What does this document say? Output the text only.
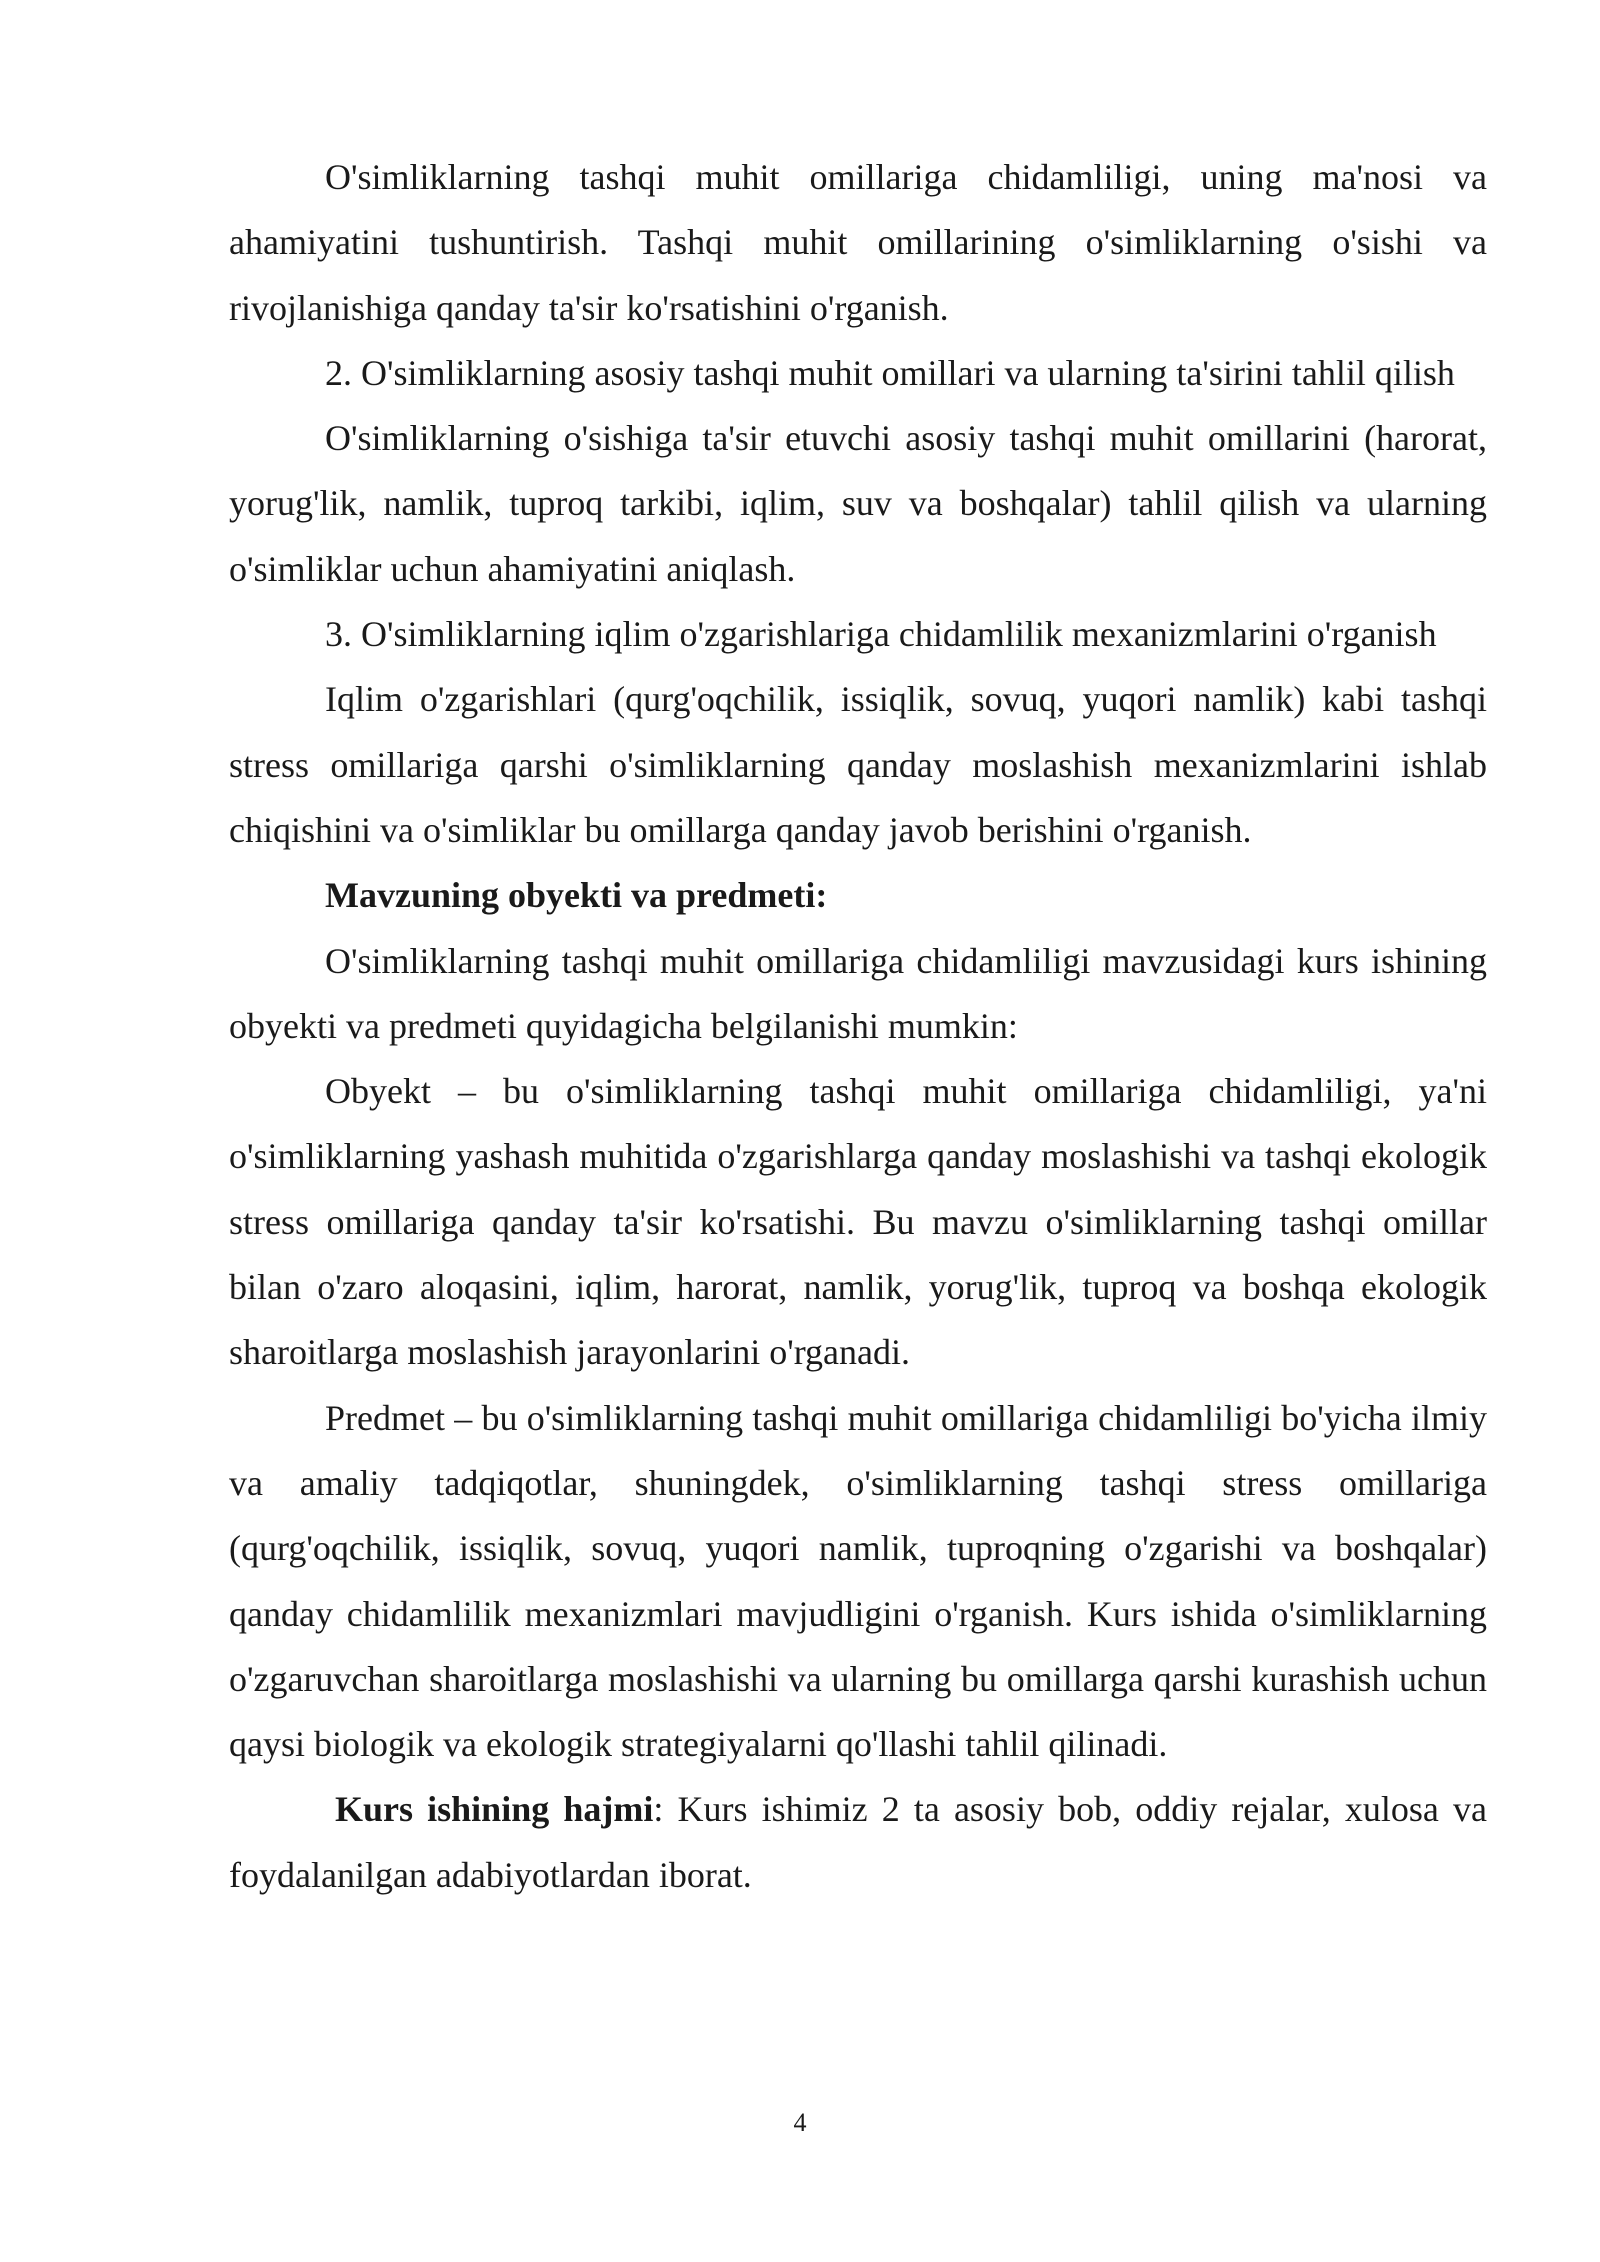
O'simliklarning tashqi muhit omillariga chidamliligi, uning ma'nosi va ahamiyatini tushuntirish. Tashqi muhit omillarining o'simliklarning o'sishi va rivojlanishiga qanday ta'sir ko'rsatishini o'rganish.

2. O'simliklarning asosiy tashqi muhit omillari va ularning ta'sirini tahlil qilish

O'simliklarning o'sishiga ta'sir etuvchi asosiy tashqi muhit omillarini (harorat, yorug'lik, namlik, tuproq tarkibi, iqlim, suv va boshqalar) tahlil qilish va ularning o'simliklar uchun ahamiyatini aniqlash.

3. O'simliklarning iqlim o'zgarishlariga chidamlilik mexanizmlarini o'rganish

Iqlim o'zgarishlari (qurg'oqchilik, issiqlik, sovuq, yuqori namlik) kabi tashqi stress omillariga qarshi o'simliklarning qanday moslashish mexanizmlarini ishlab chiqishini va o'simliklar bu omillarga qanday javob berishini o'rganish.

Mavzuning obyekti va predmeti:

O'simliklarning tashqi muhit omillariga chidamliligi mavzusidagi kurs ishining obyekti va predmeti quyidagicha belgilanishi mumkin:

Obyekt – bu o'simliklarning tashqi muhit omillariga chidamliligi, ya'ni o'simliklarning yashash muhitida o'zgarishlarga qanday moslashishi va tashqi ekologik stress omillariga qanday ta'sir ko'rsatishi. Bu mavzu o'simliklarning tashqi omillar bilan o'zaro aloqasini, iqlim, harorat, namlik, yorug'lik, tuproq va boshqa ekologik sharoitlarga moslashish jarayonlarini o'rganadi.

Predmet – bu o'simliklarning tashqi muhit omillariga chidamliligi bo'yicha ilmiy va amaliy tadqiqotlar, shuningdek, o'simliklarning tashqi stress omillariga (qurg'oqchilik, issiqlik, sovuq, yuqori namlik, tuproqning o'zgarishi va boshqalar) qanday chidamlilik mexanizmlari mavjudligini o'rganish. Kurs ishida o'simliklarning o'zgaruvchan sharoitlarga moslashishi va ularning bu omillarga qarshi kurashish uchun qaysi biologik va ekologik strategiyalarni qo'llashi tahlil qilinadi.

Kurs ishining hajmi: Kurs ishimiz 2 ta asosiy bob, oddiy rejalar, xulosa va foydalanilgan adabiyotlardan iborat.

4
